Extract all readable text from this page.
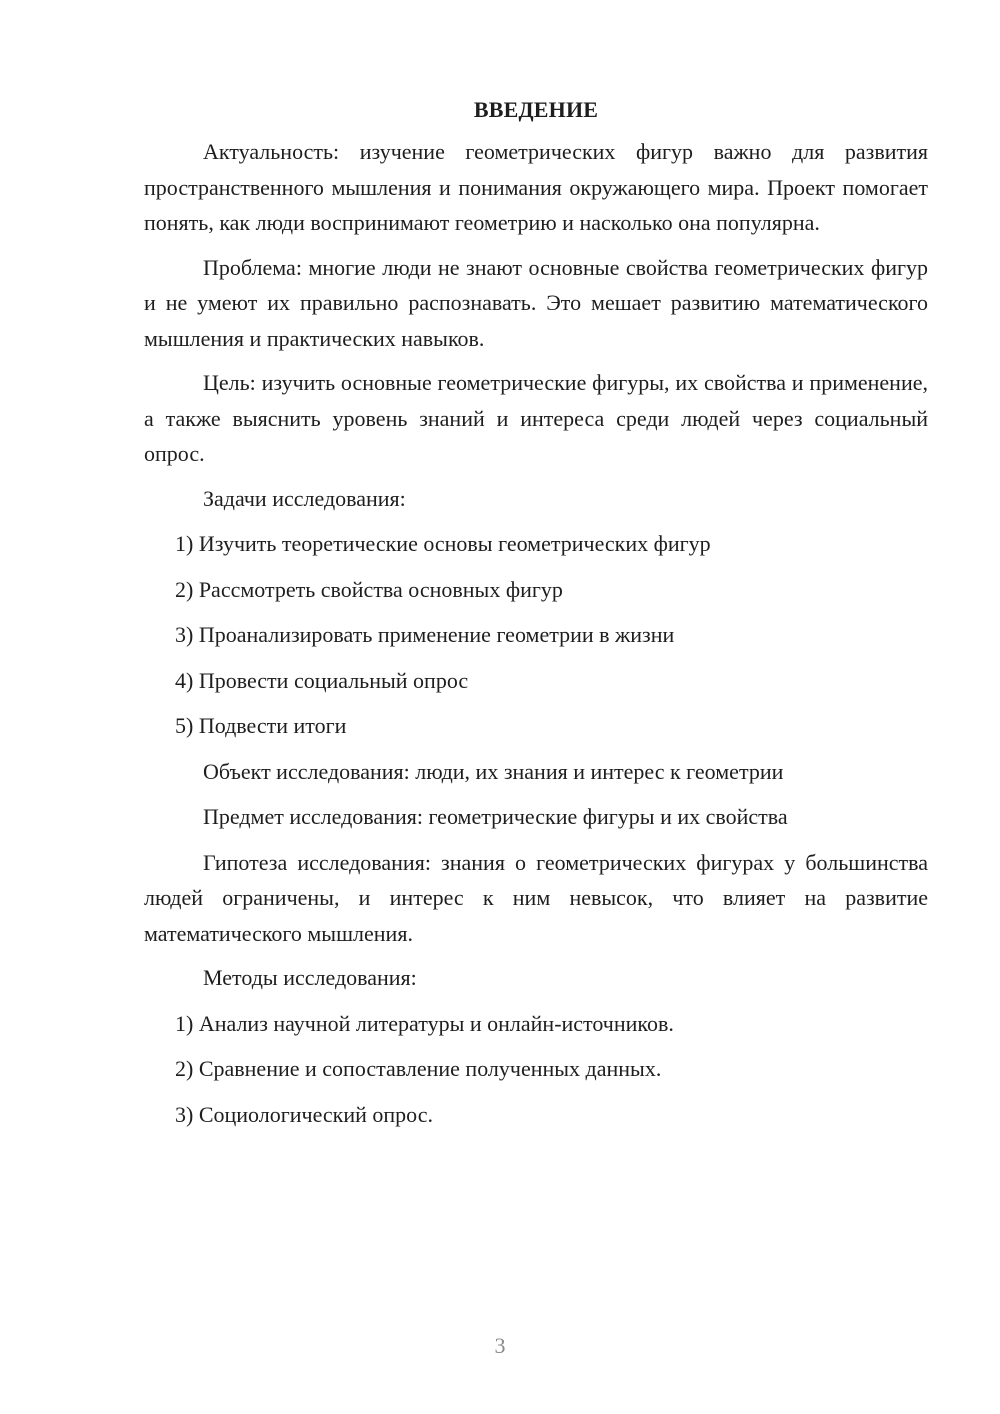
ВВЕДЕНИЕ

Актуальность: изучение геометрических фигур важно для развития пространственного мышления и понимания окружающего мира. Проект помогает понять, как люди воспринимают геометрию и насколько она популярна.

Проблема: многие люди не знают основные свойства геометрических фигур и не умеют их правильно распознавать. Это мешает развитию математического мышления и практических навыков.

Цель: изучить основные геометрические фигуры, их свойства и применение, а также выяснить уровень знаний и интереса среди людей через социальный опрос.

Задачи исследования:
1) Изучить теоретические основы геометрических фигур
2) Рассмотреть свойства основных фигур
3) Проанализировать применение геометрии в жизни
4) Провести социальный опрос
5) Подвести итоги
Объект исследования: люди, их знания и интерес к геометрии
Предмет исследования: геометрические фигуры и их свойства

Гипотеза исследования: знания о геометрических фигурах у большинства людей ограничены, и интерес к ним невысок, что влияет на развитие математического мышления.

Методы исследования:
1) Анализ научной литературы и онлайн-источников.
2) Сравнение и сопоставление полученных данных.
3) Социологический опрос.
3
